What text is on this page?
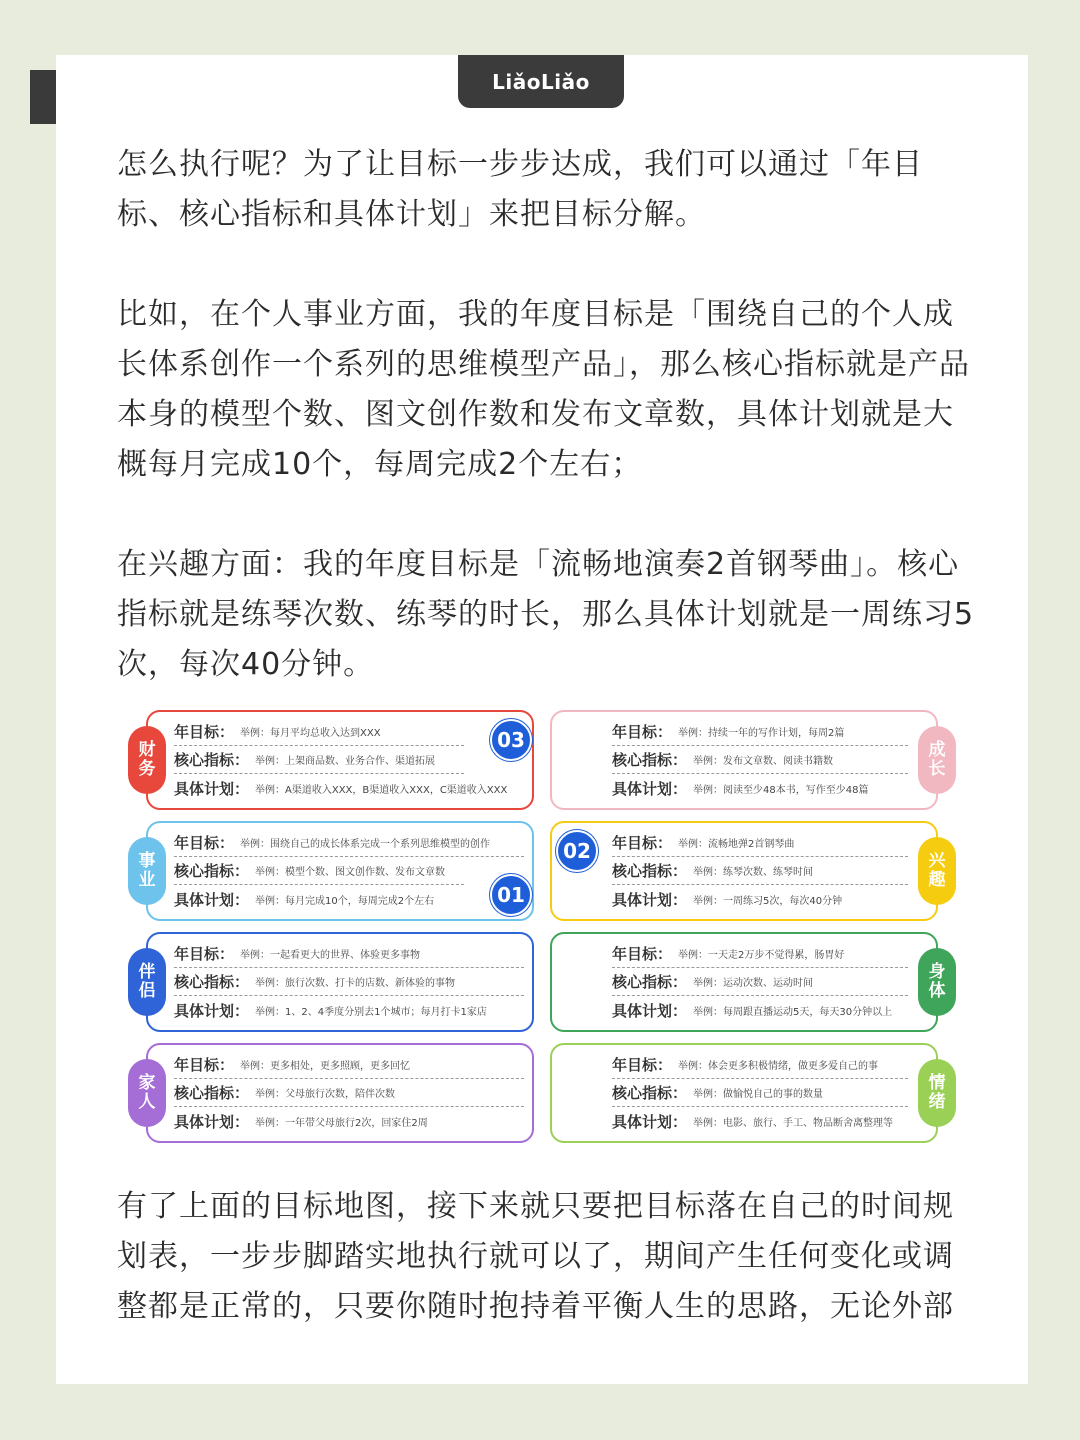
LiǎoLiǎo

怎么执行呢？为了让目标一步步达成，我们可以通过「年目标、核心指标和具体计划」来把目标分解。

比如，在个人事业方面，我的年度目标是「围绕自己的个人成长体系创作一个系列的思维模型产品」，那么核心指标就是产品本身的模型个数、图文创作数和发布文章数，具体计划就是大概每月完成10个，每周完成2个左右；

在兴趣方面：我的年度目标是「流畅地演奏2首钢琴曲」。核心指标就是练琴次数、练琴的时长，那么具体计划就是一周练习5次，每次40分钟。

财
务
年目标： 举例： 每月平均总收入达到XXX
核心指标： 举例： 上架商品数、业务合作、渠道拓展
具体计划： 举例： A渠道收入XXX，B渠道收入XXX，C渠道收入XXX
03	成
长
年目标： 举例： 持续一年的写作计划，每周2篇
核心指标： 举例： 发布文章数、阅读书籍数
具体计划： 举例： 阅读至少48本书，写作至少48篇
事
业
年目标： 举例： 围绕自己的成长体系完成一个系列思维模型的创作
核心指标： 举例： 模型个数、图文创作数、发布文章数
具体计划： 举例： 每月完成10个，每周完成2个左右	01
兴
趣
年目标： 举例： 流畅地弹2首钢琴曲
核心指标： 举例： 练琴次数、练琴时间
具体计划： 举例： 一周练习5次，每次40分钟
02
伴
侣
年目标： 举例： 一起看更大的世界、体验更多事物
核心指标： 举例： 旅行次数、打卡的店数、新体验的事物
具体计划： 举例： 1、2、4季度分别去1个城市；每月打卡1家店
身
体
年目标： 举例： 一天走2万步不觉得累，肠胃好
核心指标： 举例： 运动次数、运动时间
具体计划： 举例： 每周跟直播运动5天，每天30分钟以上
家
人
年目标： 举例： 更多相处，更多照顾，更多回忆
核心指标： 举例： 父母旅行次数，陪伴次数
具体计划： 举例： 一年带父母旅行2次，回家住2周
情
绪
年目标： 举例： 体会更多积极情绪，做更多爱自己的事
核心指标： 举例： 做愉悦自己的事的数量
具体计划： 举例： 电影、旅行、手工、物品断舍离整理等

有了上面的目标地图，接下来就只要把目标落在自己的时间规划表，一步步脚踏实地执行就可以了，期间产生任何变化或调整都是正常的，只要你随时抱持着平衡人生的思路，无论外部
